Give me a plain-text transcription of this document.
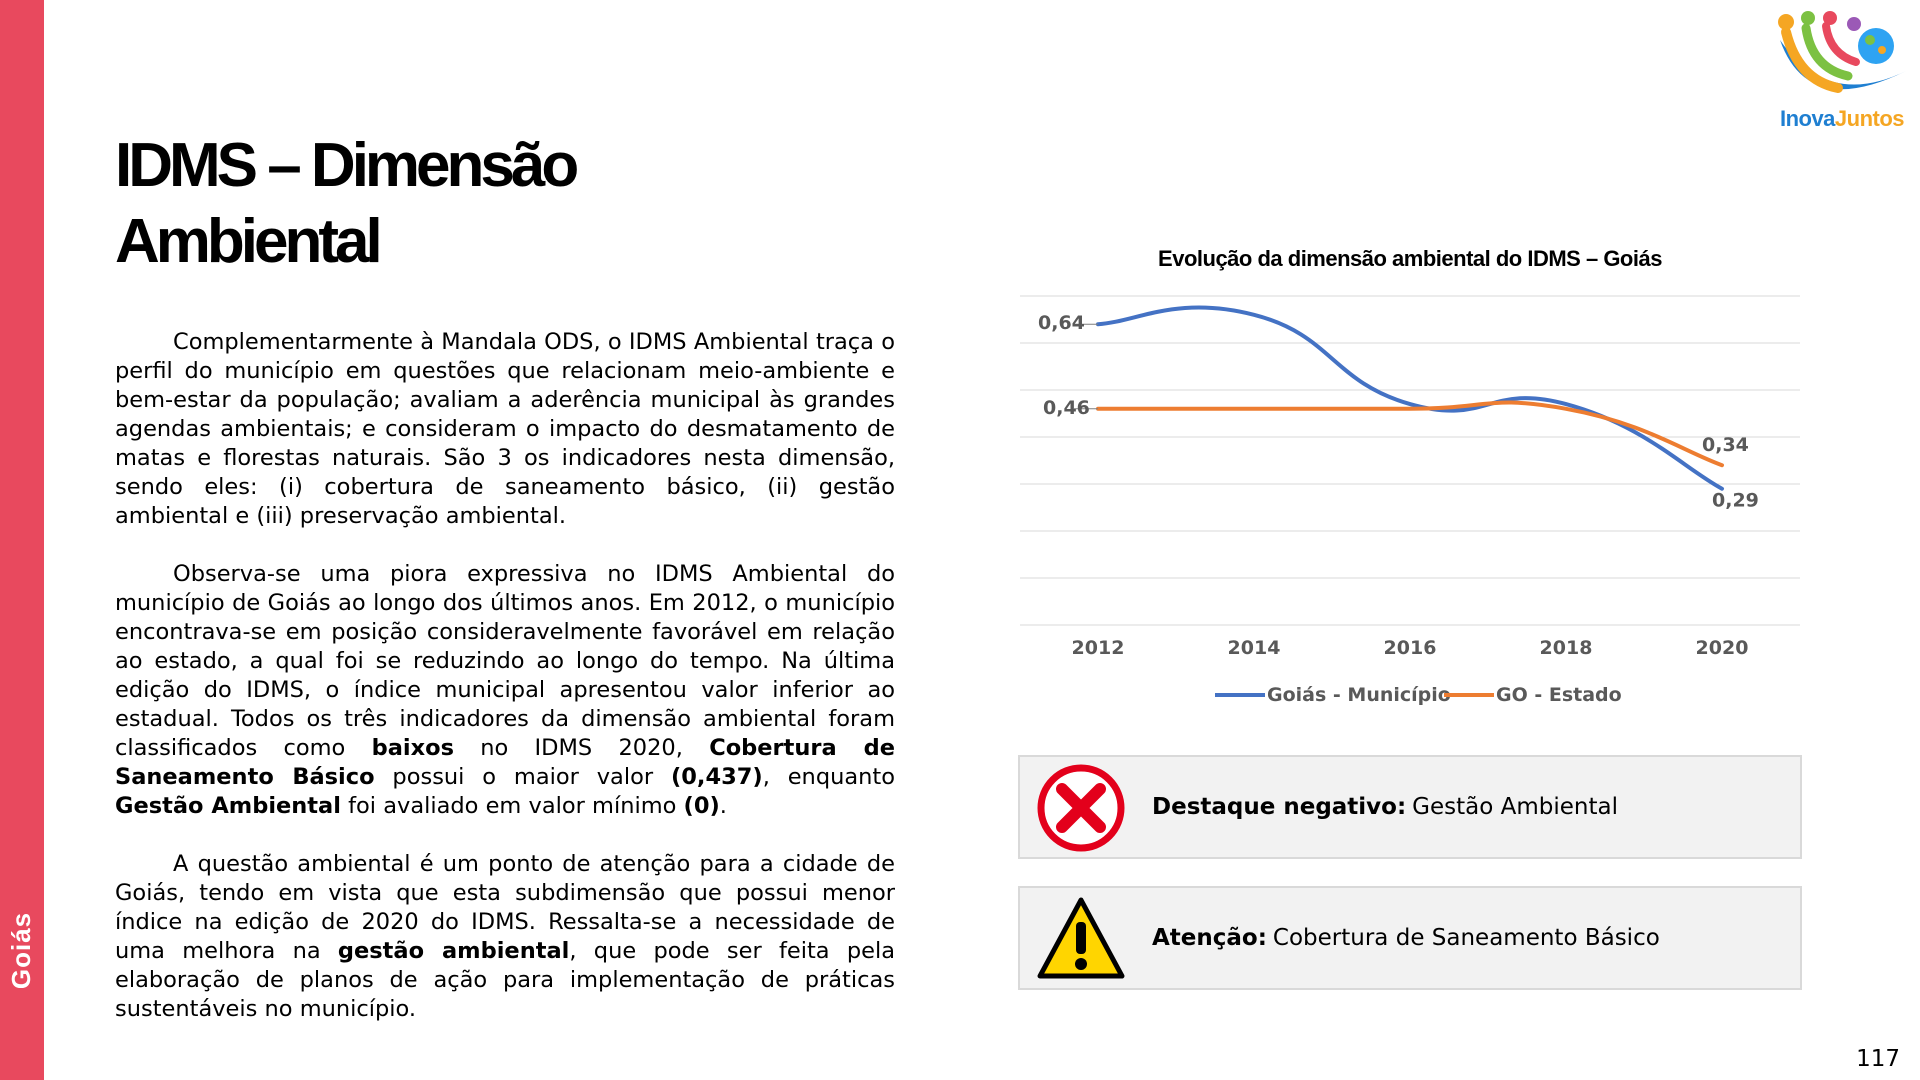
Goiás
InovaJuntos
IDMS – Dimensão
Ambiental

Complementarmente à Mandala ODS, o IDMS Ambiental traça o perfil do município em questões que relacionam meio-ambiente e bem-estar da população; avaliam a aderência municipal às grandes agendas ambientais; e consideram o impacto do desmatamento de matas e florestas naturais. São 3 os indicadores nesta dimensão, sendo eles: (i) cobertura de saneamento básico, (ii) gestão ambiental e (iii) preservação ambiental.

Observa-se uma piora expressiva no IDMS Ambiental do município de Goiás ao longo dos últimos anos. Em 2012, o município encontrava-se em posição consideravelmente favorável em relação ao estado, a qual foi se reduzindo ao longo do tempo. Na última edição do IDMS, o índice municipal apresentou valor inferior ao estadual. Todos os três indicadores da dimensão ambiental foram classificados como baixos no IDMS 2020, Cobertura de Saneamento Básico possui o maior valor (0,437), enquanto Gestão Ambiental foi avaliado em valor mínimo (0).

A questão ambiental é um ponto de atenção para a cidade de Goiás, tendo em vista que esta subdimensão que possui menor índice na edição de 2020 do IDMS. Ressalta-se a necessidade de uma melhora na gestão ambiental, que pode ser feita pela elaboração de planos de ação para implementação de práticas sustentáveis no município.

Evolução da dimensão ambiental do IDMS – Goiás
0,64
0,29
0,46
0,34
2012	2014	2016	2018	2020
Goiás - Município GO - Estado
Destaque negativo: Gestão Ambiental
Atenção: Cobertura de Saneamento Básico
117
